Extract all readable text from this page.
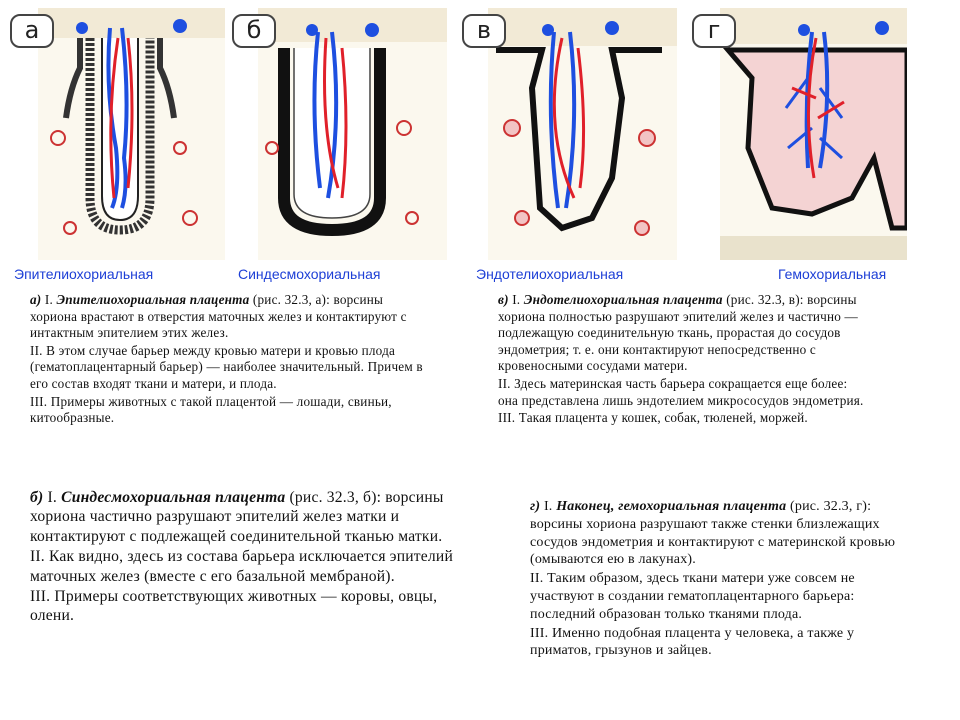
а	б	в	г
Эпителиохориальная	Синдесмохориальная	Эндотелиохориальная	Гемохориальная

а) I. Эпителиохориальная плацента (рис. 32.3, а): ворсины хориона врастают в отверстия маточных желез и контактируют с интактным эпителием этих желез.

II. В этом случае барьер между кровью матери и кровью плода (гематоплацентарный барьер) — наиболее значительный. Причем в его состав входят ткани и матери, и плода.

III. Примеры животных с такой плацентой — лошади, свиньи, китообразные.

в) I. Эндотелиохориальная плацента (рис. 32.3, в): ворсины хориона полностью разрушают эпителий желез и частично — подлежащую соединительную ткань, прорастая до сосудов эндометрия; т. е. они контактируют непосредственно с кровеносными сосудами матери.

II. Здесь материнская часть барьера сокращается еще более: она представлена лишь эндотелием микрососудов эндометрия.

III. Такая плацента у кошек, собак, тюленей, моржей.

б) I. Синдесмохориальная плацента (рис. 32.3, б): ворсины хориона частично разрушают эпителий желез матки и контактируют с подлежащей соединительной тканью матки.

II. Как видно, здесь из состава барьера исключается эпителий маточных желез (вместе с его базальной мембраной).

III. Примеры соответствующих животных — коровы, овцы, олени.

г) I. Наконец, гемохориальная плацента (рис. 32.3, г): ворсины хориона разрушают также стенки близлежащих сосудов эндометрия и контактируют с материнской кровью (омываются ею в лакунах).

II. Таким образом, здесь ткани матери уже совсем не участвуют в создании гематоплацентарного барьера: последний образован только тканями плода.

III. Именно подобная плацента у человека, а также у приматов, грызунов и зайцев.
